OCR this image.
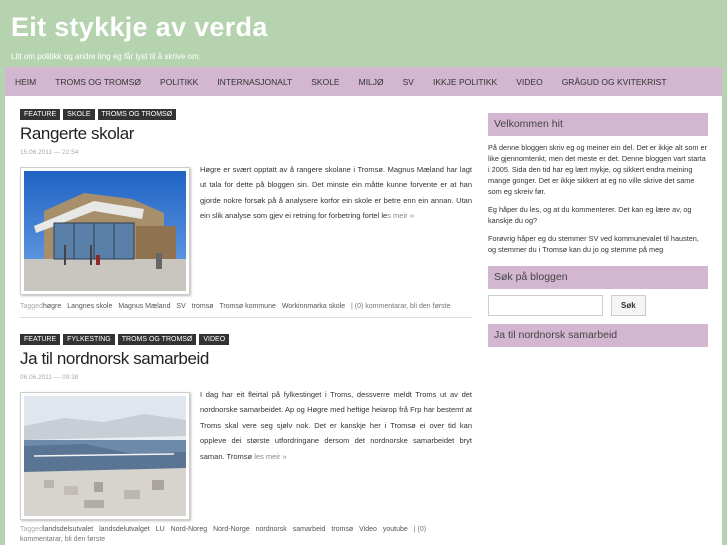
Eit stykkje av verda
Litt om politikk og andre ting eg får lyst til å skrive om.
HEIM TROMS OG TROMSØ POLITIKK INTERNASJONALT SKOLE MILJØ SV IKKJE POLITIKK VIDEO GRÅGUD OG KVITEKRIST
FEATURE	SKOLE	TROMS OG TROMSØ
Rangerte skolar
15.06.2011 — 22:54
Høgre er svært opptatt av å rangere skolane i Tromsø. Magnus Mæland har lagt ut tala for dette på bloggen sin. Det minste ein måtte kunne forvente er at han gjorde nokre forsøk på å analysere korfor ein skole er betre enn ein annan. Utan ein slik analyse som gjev ei retning for forbetring fortel les meir »
Taggedhøgre Langnes skole Magnus Mæland SV tromsø Tromsø kommune Workinnmarka skole | (0) kommentarar, bli den første
FEATURE	FYLKESTING	TROMS OG TROMSØ	VIDEO
Ja til nordnorsk samarbeid
06.06.2011 — 09:38
I dag har eit fleirtal på fylkestinget i Troms, dessverre meldt Troms ut av det nordnorske samarbeidet. Ap og Høgre med heftige heiarop frå Frp har bestemt at Troms skal vere seg sjølv nok. Det er kanskje her i Tromsø ei over tid kan oppleve dei største utfordringane dersom det nordnorske samarbeidet bryt saman. Tromsø les meir »
Taggedlandsdelsutvalet landsdelutvalget LU Nord-Noreg Nord-Norge nordnorsk samarbeid tromsø Video youtube | (0)
kommentarar, bli den første
Velkommen hit

På denne bloggen skriv eg og meiner ein del. Det er ikkje alt som er like gjennomtenkt, men det meste er det. Denne bloggen vart starta i 2005. Sida den tid har eg lært mykje, og sikkert endra meining mange gonger. Det er ikkje sikkert at eg no ville skrive det same som eg skreiv før.

Eg håper du les, og at du kommenterer. Det kan eg lære av, og kanskje du og?

Forøvrig håper eg du stemmer SV ved kommunevalet til hausten, og stemmer du i Tromsø kan du jo og stemme på meg

Søk på bloggen
Søk
Ja til nordnorsk samarbeid
